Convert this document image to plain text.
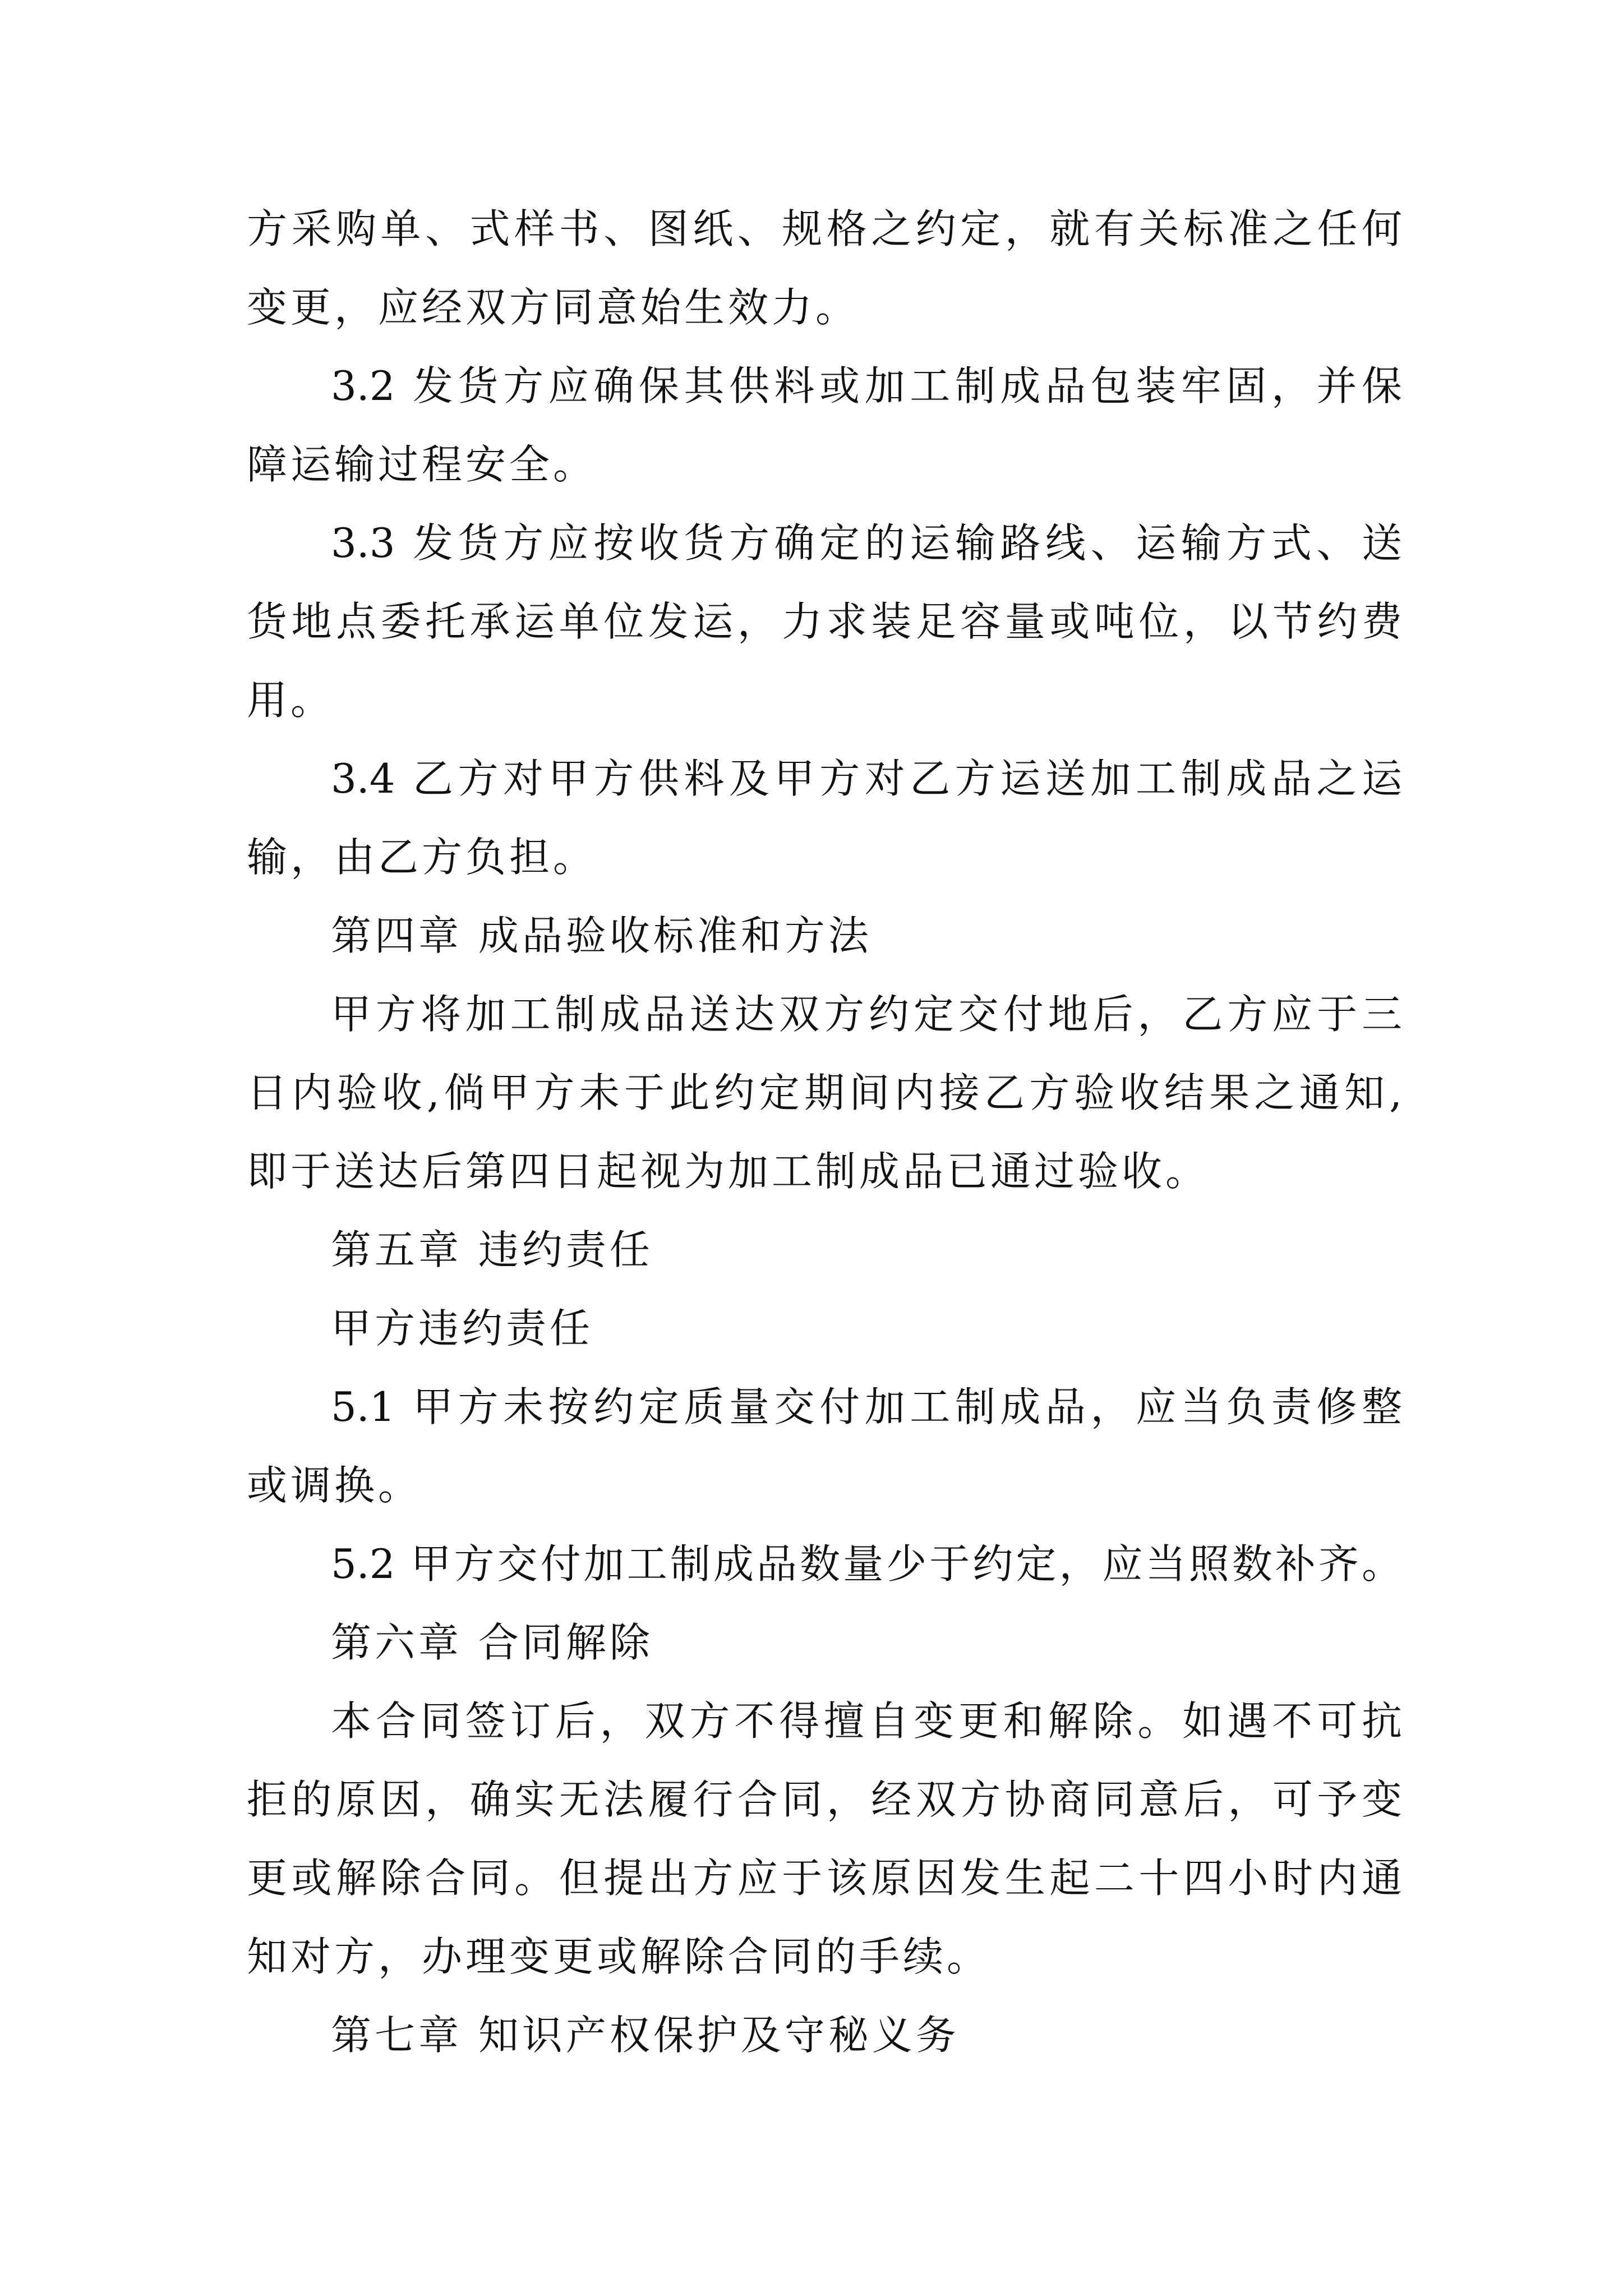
方采购单、式样书、图纸、规格之约定，就有关标准之任何
变更，应经双方同意始生效力。
3.2 发货方应确保其供料或加工制成品包装牢固，并保
障运输过程安全。
3.3 发货方应按收货方确定的运输路线、运输方式、送
货地点委托承运单位发运，力求装足容量或吨位，以节约费
用。
3.4 乙方对甲方供料及甲方对乙方运送加工制成品之运
输，由乙方负担。
第四章 成品验收标准和方法
甲方将加工制成品送达双方约定交付地后，乙方应于三
日内验收,倘甲方未于此约定期间内接乙方验收结果之通知,
即于送达后第四日起视为加工制成品已通过验收。
第五章 违约责任
甲方违约责任
5.1 甲方未按约定质量交付加工制成品，应当负责修整
或调换。
5.2 甲方交付加工制成品数量少于约定，应当照数补齐。
第六章 合同解除
本合同签订后，双方不得擅自变更和解除。如遇不可抗
拒的原因，确实无法履行合同，经双方协商同意后，可予变
更或解除合同。但提出方应于该原因发生起二十四小时内通
知对方，办理变更或解除合同的手续。
第七章 知识产权保护及守秘义务
